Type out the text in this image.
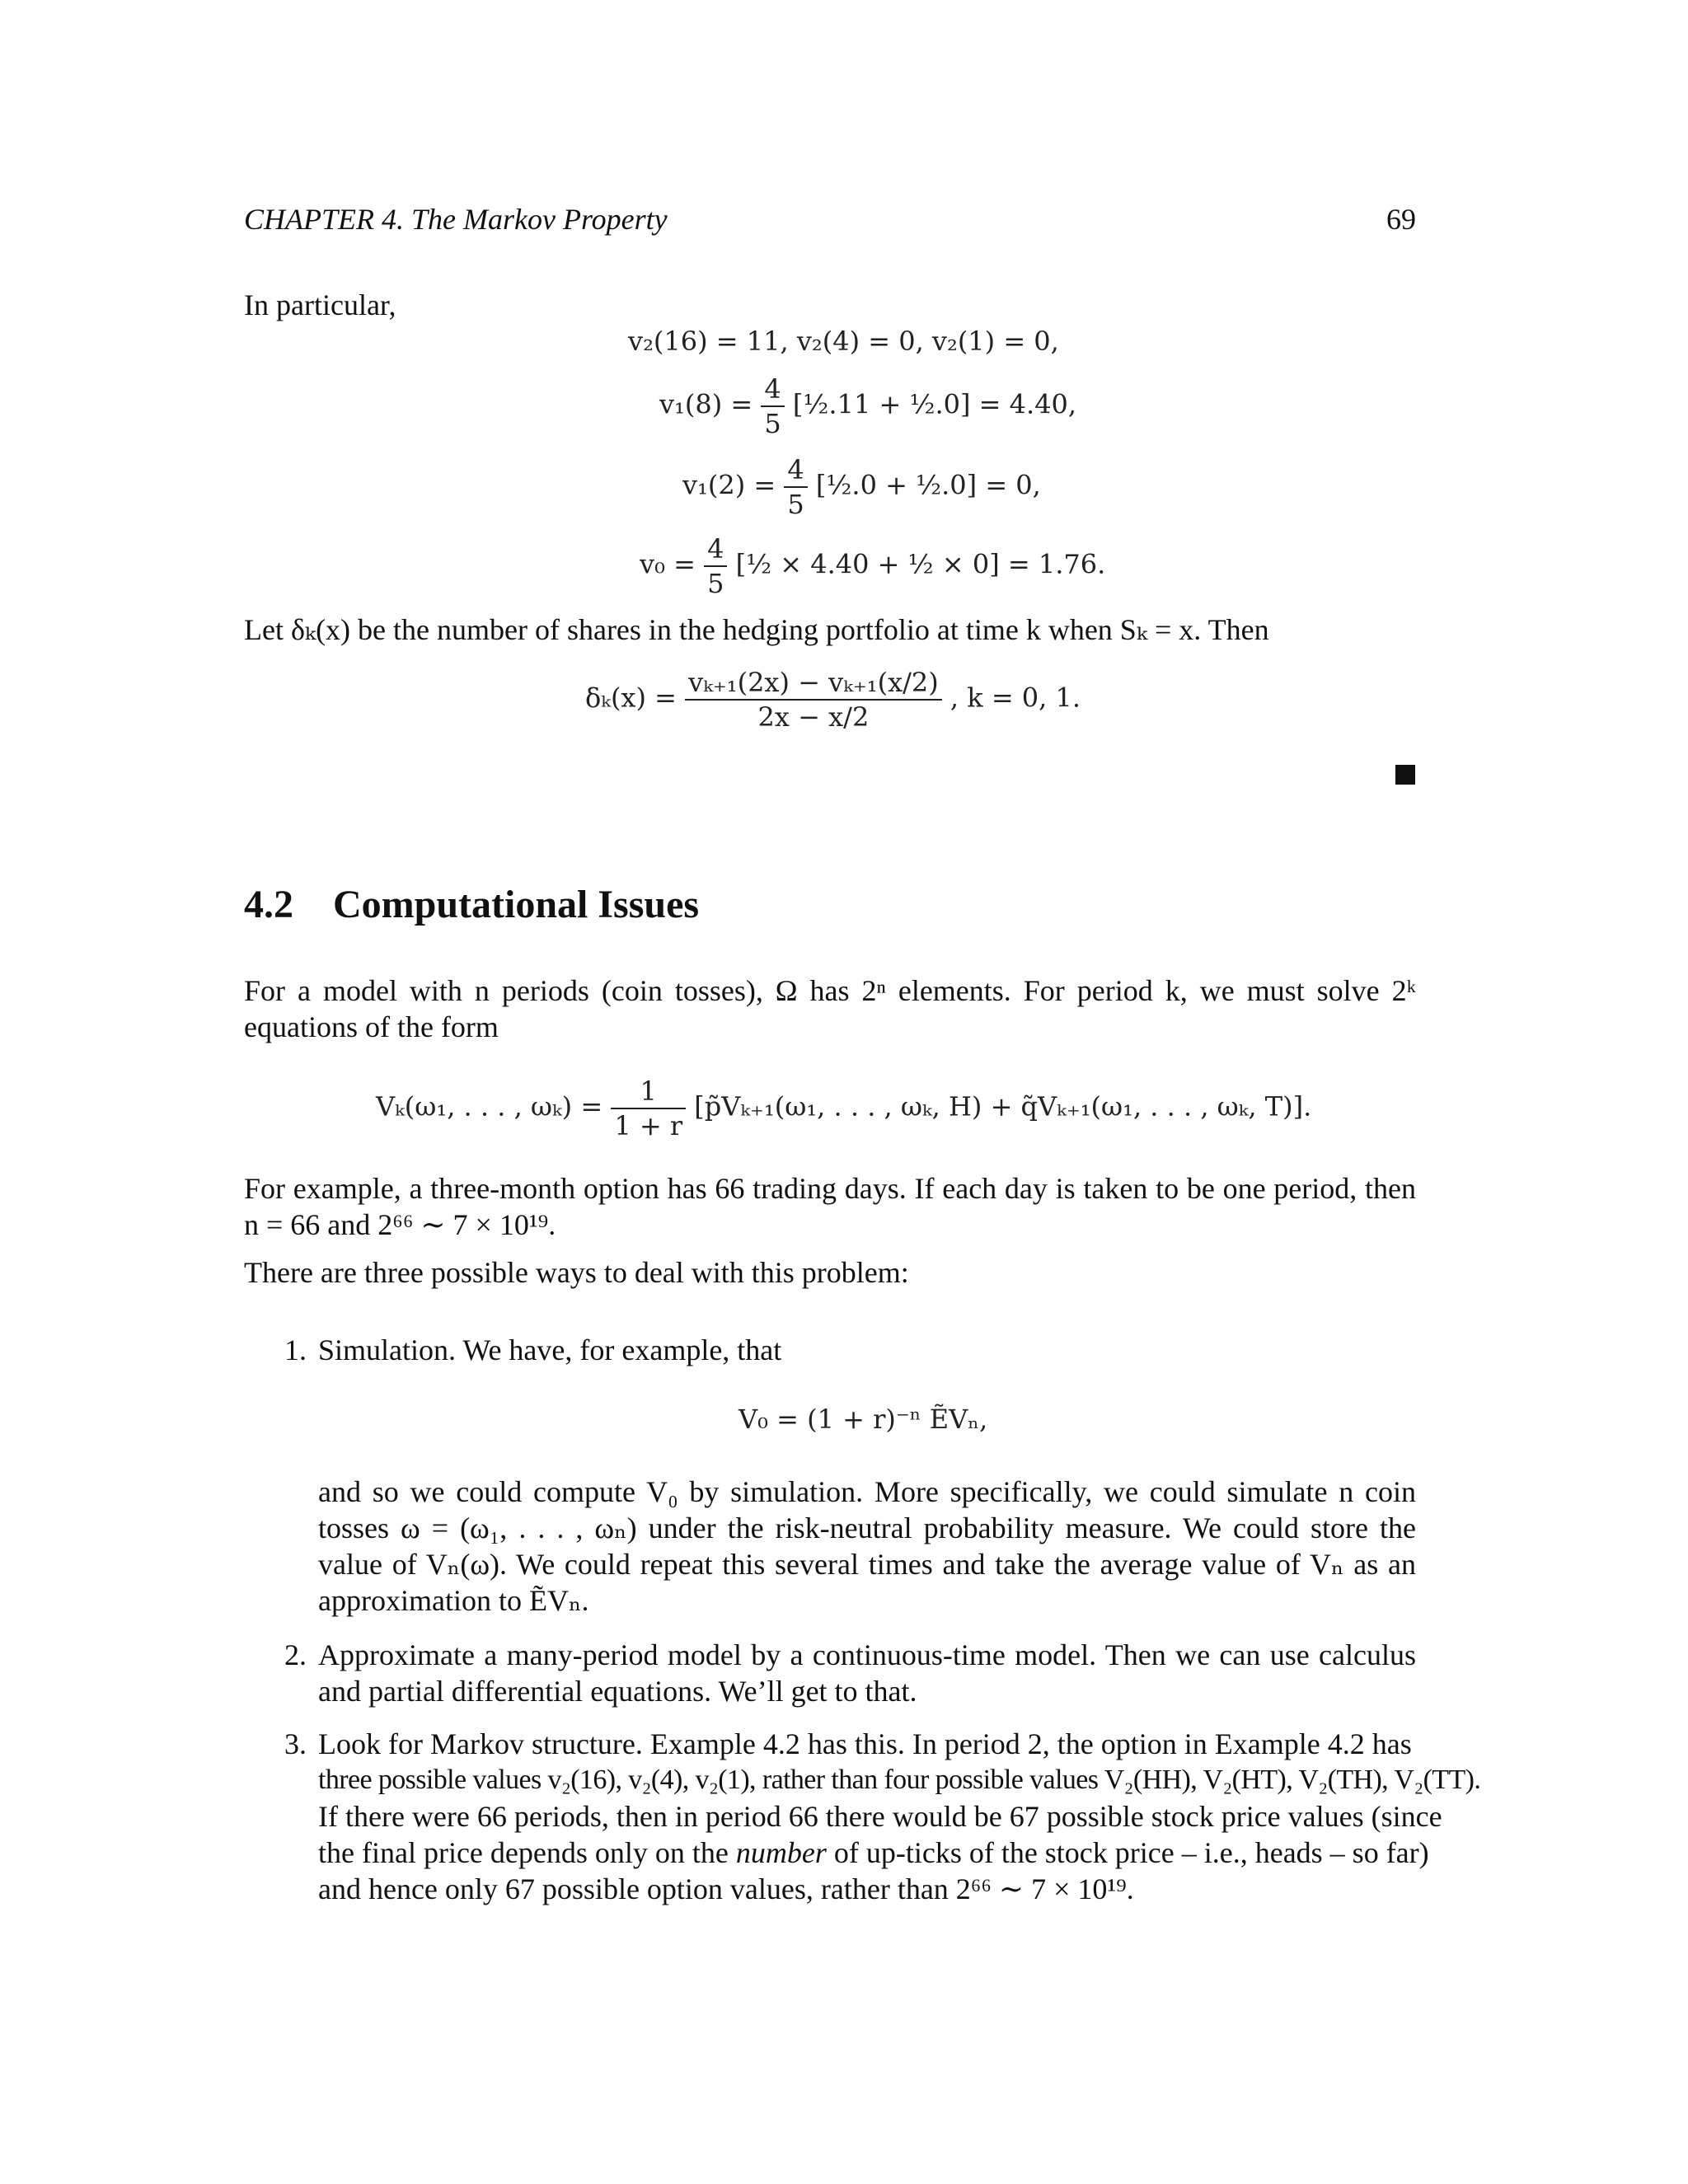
CHAPTER 4. The Markov Property	69
In particular,
v₂(16) = 11, v₂(4) = 0, v₂(1) = 0,
$v_1(8) = \frac{4}{5}$ [½.11 + ½.0] = 4.40,
$v_1(2) = \frac{4}{5}$ [½.0 + ½.0] = 0,
$v_0 = \frac{4}{5}$ [½ × 4.40 + ½ × 0] = 1.76.
Let δₖ(x) be the number of shares in the hedging portfolio at time k when Sₖ = x. Then
$\delta_k(x) = \frac{\text{vₖ₊₁(2x) − vₖ₊₁(x/2)}}{2x - x/2}$ , k = 0, 1.
4.2 Computational Issues
For a model with n periods (coin tosses), Ω has 2ⁿ elements. For period k, we must solve 2ᵏ equations of the form
Vₖ(ω₁, . . . , $\omega_k) = \frac{1}{1 + r}$ [p̃Vₖ₊₁(ω₁, . . . , ωₖ, H) + q̃Vₖ₊₁(ω₁, . . . , ωₖ, T)].
For example, a three-month option has 66 trading days. If each day is taken to be one period, then n = 66 and 2⁶⁶ ∼ 7 × 10¹⁹.
There are three possible ways to deal with this problem:
1. Simulation. We have, for example, that
V₀ = (1 + r)⁻ⁿ ẼVₙ,
and so we could compute V₀ by simulation. More specifically, we could simulate n coin tosses ω = (ω₁, . . . , ωₙ) under the risk-neutral probability measure. We could store the value of Vₙ(ω). We could repeat this several times and take the average value of Vₙ as an approximation to ẼVₙ.
2. Approximate a many-period model by a continuous-time model. Then we can use calculus and partial differential equations. We’ll get to that.
3. Look for Markov structure. Example 4.2 has this. In period 2, the option in Example 4.2 has
three possible values v₂(16), v₂(4), v₂(1), rather than four possible values V₂(HH), V₂(HT), V₂(TH), V₂(TT).
If there were 66 periods, then in period 66 there would be 67 possible stock price values (since
the final price depends only on the number of up-ticks of the stock price – i.e., heads – so far)
and hence only 67 possible option values, rather than 2⁶⁶ ∼ 7 × 10¹⁹.
